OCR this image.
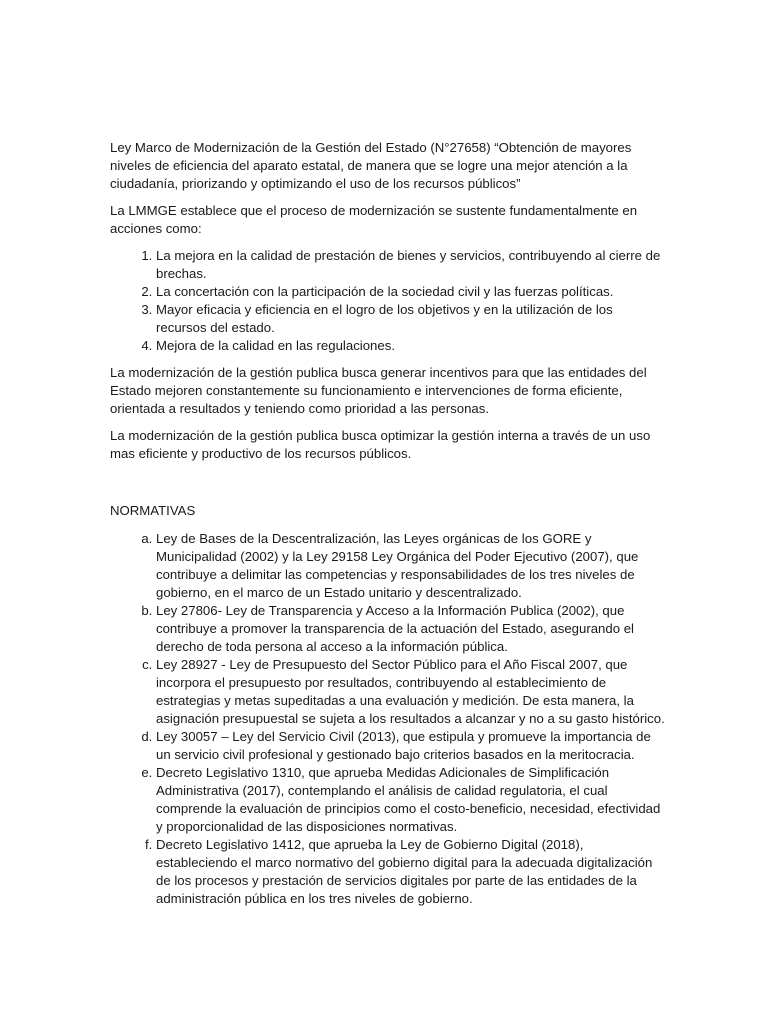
Ley Marco de Modernización de la Gestión del Estado (N°27658) “Obtención de mayores niveles de eficiencia del aparato estatal, de manera que se logre una mejor atención a la ciudadanía, priorizando y optimizando el uso de los recursos públicos”

La LMMGE establece que el proceso de modernización se sustente fundamentalmente en acciones como:

1. La mejora en la calidad de prestación de bienes y servicios, contribuyendo al cierre de brechas.
2. La concertación con la participación de la sociedad civil y las fuerzas políticas.
3. Mayor eficacia y eficiencia en el logro de los objetivos y en la utilización de los recursos del estado.
4. Mejora de la calidad en las regulaciones.

La modernización de la gestión publica busca generar incentivos para que las entidades del Estado mejoren constantemente su funcionamiento e intervenciones de forma eficiente, orientada a resultados y teniendo como prioridad a las personas.

La modernización de la gestión publica busca optimizar la gestión interna a través de un uso mas eficiente y productivo de los recursos públicos.

NORMATIVAS

a. Ley de Bases de la Descentralización, las Leyes orgánicas de los GORE y Municipalidad (2002) y la Ley 29158 Ley Orgánica del Poder Ejecutivo (2007), que contribuye a delimitar las competencias y responsabilidades de los tres niveles de gobierno, en el marco de un Estado unitario y descentralizado.
b. Ley 27806- Ley de Transparencia y Acceso a la Información Publica (2002), que contribuye a promover la transparencia de la actuación del Estado, asegurando el derecho de toda persona al acceso a la información pública.
c. Ley 28927 - Ley de Presupuesto del Sector Público para el Año Fiscal 2007, que incorpora el presupuesto por resultados, contribuyendo al establecimiento de estrategias y metas supeditadas a una evaluación y medición. De esta manera, la asignación presupuestal se sujeta a los resultados a alcanzar y no a su gasto histórico.
d. Ley 30057 – Ley del Servicio Civil (2013), que estipula y promueve la importancia de un servicio civil profesional y gestionado bajo criterios basados en la meritocracia.
e. Decreto Legislativo 1310, que aprueba Medidas Adicionales de Simplificación Administrativa (2017), contemplando el análisis de calidad regulatoria, el cual comprende la evaluación de principios como el costo-beneficio, necesidad, efectividad y proporcionalidad de las disposiciones normativas.
f. Decreto Legislativo 1412, que aprueba la Ley de Gobierno Digital (2018), estableciendo el marco normativo del gobierno digital para la adecuada digitalización de los procesos y prestación de servicios digitales por parte de las entidades de la administración pública en los tres niveles de gobierno.
